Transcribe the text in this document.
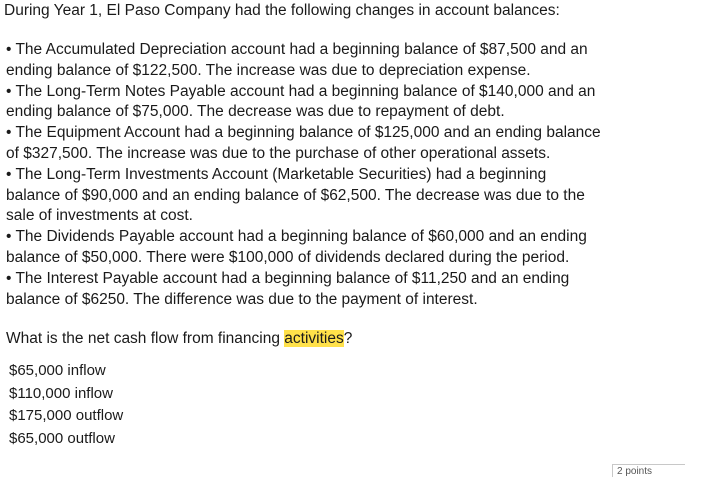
During Year 1, El Paso Company had the following changes in account balances:
• The Accumulated Depreciation account had a beginning balance of $87,500 and an
ending balance of $122,500. The increase was due to depreciation expense.
• The Long-Term Notes Payable account had a beginning balance of $140,000 and an
ending balance of $75,000. The decrease was due to repayment of debt.
• The Equipment Account had a beginning balance of $125,000 and an ending balance
of $327,500. The increase was due to the purchase of other operational assets.
• The Long-Term Investments Account (Marketable Securities) had a beginning
balance of $90,000 and an ending balance of $62,500. The decrease was due to the
sale of investments at cost.
• The Dividends Payable account had a beginning balance of $60,000 and an ending
balance of $50,000. There were $100,000 of dividends declared during the period.
• The Interest Payable account had a beginning balance of $11,250 and an ending
balance of $6250. The difference was due to the payment of interest.
What is the net cash flow from financing activities?
$65,000 inflow
$110,000 inflow
$175,000 outflow
$65,000 outflow
2 points
